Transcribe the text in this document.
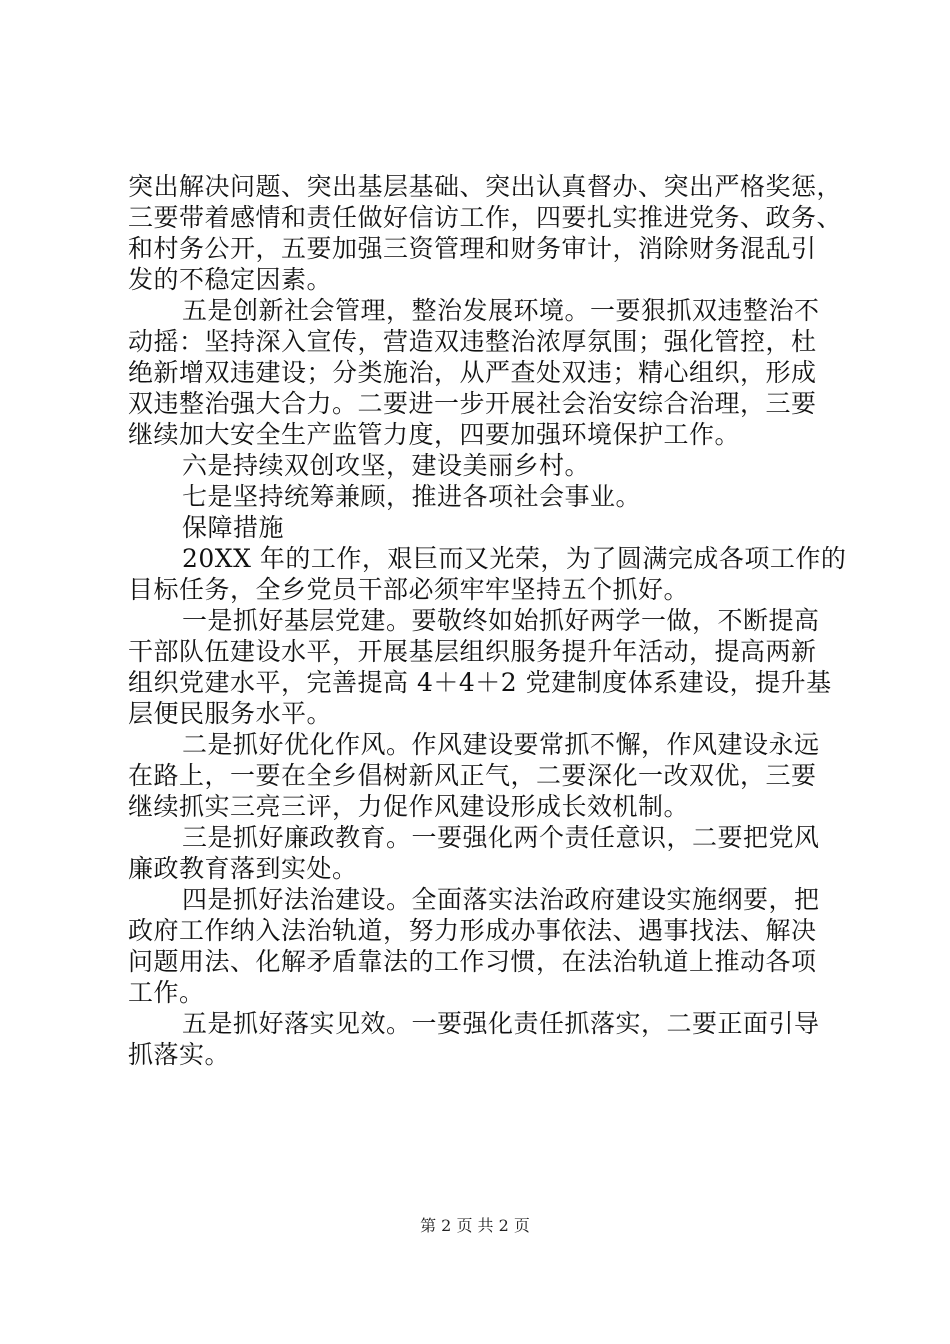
突出解决问题、突出基层基础、突出认真督办、突出严格奖惩，
三要带着感情和责任做好信访工作，四要扎实推进党务、政务、
和村务公开，五要加强三资管理和财务审计，消除财务混乱引
发的不稳定因素。
五是创新社会管理，整治发展环境。一要狠抓双违整治不
动摇：坚持深入宣传，营造双违整治浓厚氛围；强化管控，杜
绝新增双违建设；分类施治，从严查处双违；精心组织，形成
双违整治强大合力。二要进一步开展社会治安综合治理，三要
继续加大安全生产监管力度，四要加强环境保护工作。
六是持续双创攻坚，建设美丽乡村。
七是坚持统筹兼顾，推进各项社会事业。
保障措施
20XX 年的工作，艰巨而又光荣，为了圆满完成各项工作的
目标任务，全乡党员干部必须牢牢坚持五个抓好。
一是抓好基层党建。要敬终如始抓好两学一做，不断提高
干部队伍建设水平，开展基层组织服务提升年活动，提高两新
组织党建水平，完善提高 4＋4＋2 党建制度体系建设，提升基
层便民服务水平。
二是抓好优化作风。作风建设要常抓不懈，作风建设永远
在路上，一要在全乡倡树新风正气，二要深化一改双优，三要
继续抓实三亮三评，力促作风建设形成长效机制。
三是抓好廉政教育。一要强化两个责任意识，二要把党风
廉政教育落到实处。
四是抓好法治建设。全面落实法治政府建设实施纲要，把
政府工作纳入法治轨道，努力形成办事依法、遇事找法、解决
问题用法、化解矛盾靠法的工作习惯，在法治轨道上推动各项
工作。
五是抓好落实见效。一要强化责任抓落实，二要正面引导
抓落实。
第 2 页 共 2 页
